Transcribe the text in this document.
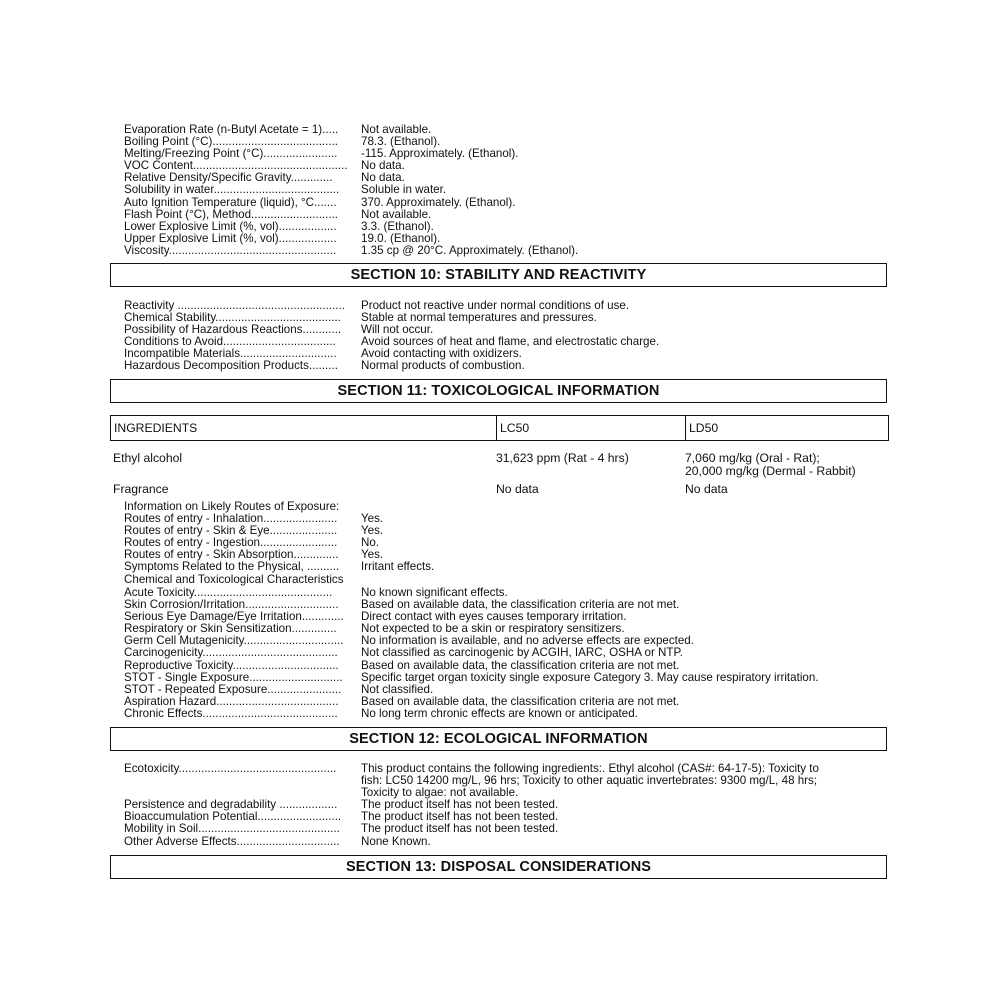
Evaporation Rate (n-Butyl Acetate = 1).....	Not available.
Boiling Point (°C).......................................	78.3. (Ethanol).
Melting/Freezing Point (°C).......................	-115. Approximately. (Ethanol).
VOC Content................................................	No data.
Relative Density/Specific Gravity.............	No data.
Solubility in water.......................................	Soluble in water.
Auto Ignition Temperature (liquid), °C.......	370. Approximately. (Ethanol).
Flash Point (°C), Method...........................	Not available.
Lower Explosive Limit (%, vol)..................	3.3. (Ethanol).
Upper Explosive Limit (%, vol)..................	19.0. (Ethanol).
Viscosity....................................................	1.35 cp @ 20°C. Approximately. (Ethanol).
SECTION 10: STABILITY AND REACTIVITY
Reactivity ....................................................	Product not reactive under normal conditions of use.
Chemical Stability.......................................	Stable at normal temperatures and pressures.
Possibility of Hazardous Reactions............	Will not occur.
Conditions to Avoid...................................	Avoid sources of heat and flame, and electrostatic charge.
Incompatible Materials..............................	Avoid contacting with oxidizers.
Hazardous Decomposition Products.........	Normal products of combustion.
SECTION 11: TOXICOLOGICAL INFORMATION
INGREDIENTS	LC50	LD50
Ethyl alcohol	31,623 ppm (Rat - 4 hrs)	7,060 mg/kg (Oral - Rat);
20,000 mg/kg (Dermal - Rabbit)
Fragrance	No data	No data
Information on Likely Routes of Exposure:
Routes of entry - Inhalation.......................	Yes.
Routes of entry - Skin & Eye.....................	Yes.
Routes of entry - Ingestion........................	No.
Routes of entry - Skin Absorption..............	Yes.
Symptoms Related to the Physical, ..........	Irritant effects.
Chemical and Toxicological Characteristics
Acute Toxicity...........................................	No known significant effects.
Skin Corrosion/Irritation.............................	Based on available data, the classification criteria are not met.
Serious Eye Damage/Eye Irritation.............	Direct contact with eyes causes temporary irritation.
Respiratory or Skin Sensitization..............	Not expected to be a skin or respiratory sensitizers.
Germ Cell Mutagenicity...............................	No information is available, and no adverse effects are expected.
Carcinogenicity..........................................	Not classified as carcinogenic by ACGIH, IARC, OSHA or NTP.
Reproductive Toxicity.................................	Based on available data, the classification criteria are not met.
STOT - Single Exposure.............................	Specific target organ toxicity single exposure Category 3. May cause respiratory irritation.
STOT - Repeated Exposure.......................	Not classified.
Aspiration Hazard......................................	Based on available data, the classification criteria are not met.
Chronic Effects..........................................	No long term chronic effects are known or anticipated.
SECTION 12: ECOLOGICAL INFORMATION
Ecotoxicity.................................................	This product contains the following ingredients:. Ethyl alcohol (CAS#: 64-17-5): Toxicity to
fish: LC50 14200 mg/L, 96 hrs; Toxicity to other aquatic invertebrates: 9300 mg/L, 48 hrs;
Toxicity to algae: not available.
Persistence and degradability ..................	The product itself has not been tested.
Bioaccumulation Potential..........................	The product itself has not been tested.
Mobility in Soil............................................	The product itself has not been tested.
Other Adverse Effects................................	None Known.
SECTION 13: DISPOSAL CONSIDERATIONS
